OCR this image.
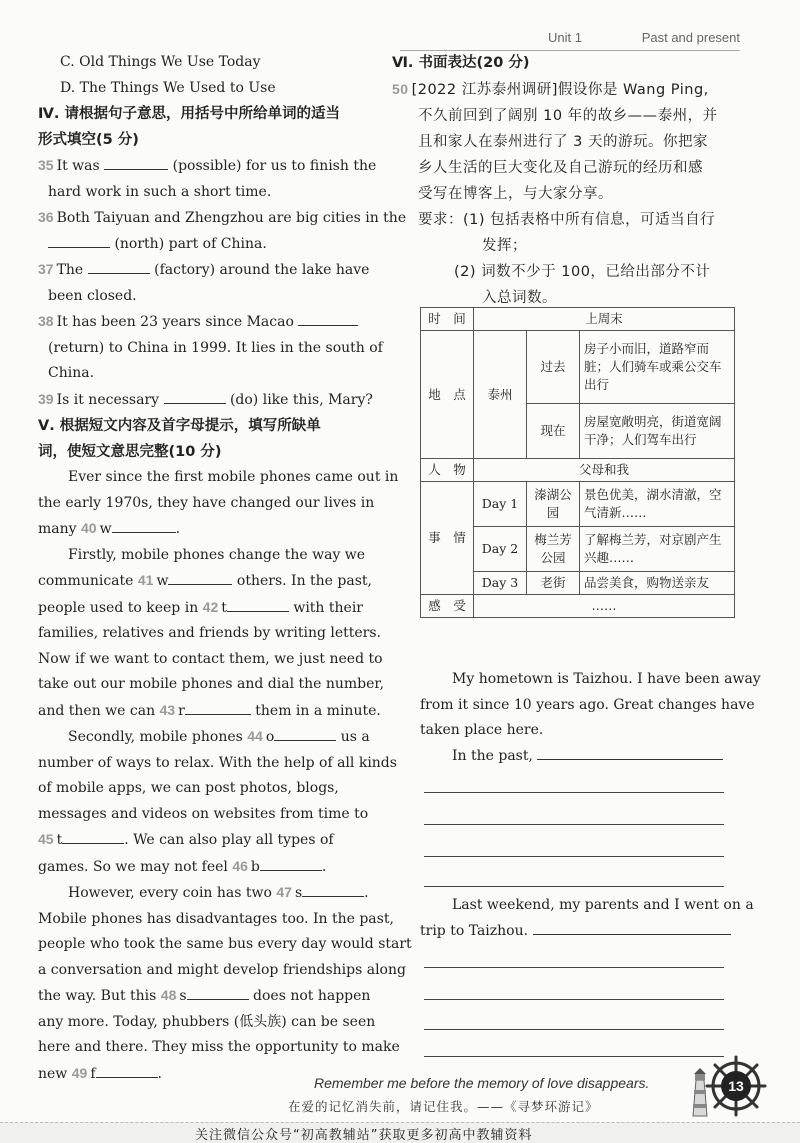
Unit 1	Past and present
C. Old Things We Use Today
D. The Things We Used to Use
Ⅳ. 请根据句子意思，用括号中所给单词的适当
形式填空(5 分)
35 It was	(possible) for us to finish the
hard work in such a short time.
36 Both Taiyuan and Zhengzhou are big cities in the
(north) part of China.
37 The	(factory) around the lake have
been closed.
38 It has been 23 years since Macao
(return) to China in 1999. It lies in the south of
China.
39 Is it necessary	(do) like this, Mary?
Ⅴ. 根据短文内容及首字母提示，填写所缺单
词，使短文意思完整(10 分)
Ever since the first mobile phones came out in
the early 1970s, they have changed our lives in
many 40 w	.
Firstly, mobile phones change the way we
communicate 41 w	others. In the past,
people used to keep in 42 t	with their
families, relatives and friends by writing letters.
Now if we want to contact them, we just need to
take out our mobile phones and dial the number,
and then we can 43 r	them in a minute.
Secondly, mobile phones 44 o	us a
number of ways to relax. With the help of all kinds
of mobile apps, we can post photos, blogs,
messages and videos on websites from time to
45 t	. We can also play all types of
games. So we may not feel 46 b	.
However, every coin has two 47 s	.
Mobile phones has disadvantages too. In the past,
people who took the same bus every day would start
a conversation and might develop friendships along
the way. But this 48 s	does not happen
any more. Today, phubbers (低头族) can be seen
here and there. They miss the opportunity to make
new 49 f	.
Ⅵ. 书面表达(20 分)
50 [2022 江苏泰州调研]假设你是 Wang Ping,
不久前回到了阔别 10 年的故乡——泰州，并
且和家人在泰州进行了 3 天的游玩。你把家
乡人生活的巨大变化及自己游玩的经历和感
受写在博客上，与大家分享。
要求：(1) 包括表格中所有信息，可适当自行
发挥；
(2) 词数不少于 100，已给出部分不计
入总词数。
时　间	上周末		
地　点	泰州	过去	房子小而旧，道路窄而脏；人们骑车或乘公交车出行
		现在	房屋宽敞明亮，街道宽阔干净；人们驾车出行
人　物	父母和我		
事　情	Day 1	溱湖公园	景色优美，湖水清澈，空气清新……
	Day 2	梅兰芳公园	了解梅兰芳，对京剧产生兴趣……
	Day 3	老街	品尝美食，购物送亲友
感　受	……		
My hometown is Taizhou. I have been away
from it since 10 years ago. Great changes have
taken place here.
In the past,
Last weekend, my parents and I went on a
trip to Taizhou.
Remember me before the memory of love disappears.
在爱的记忆消失前，请记住我。——《寻梦环游记》
13
关注微信公众号“初高教辅站”获取更多初高中教辅资料
